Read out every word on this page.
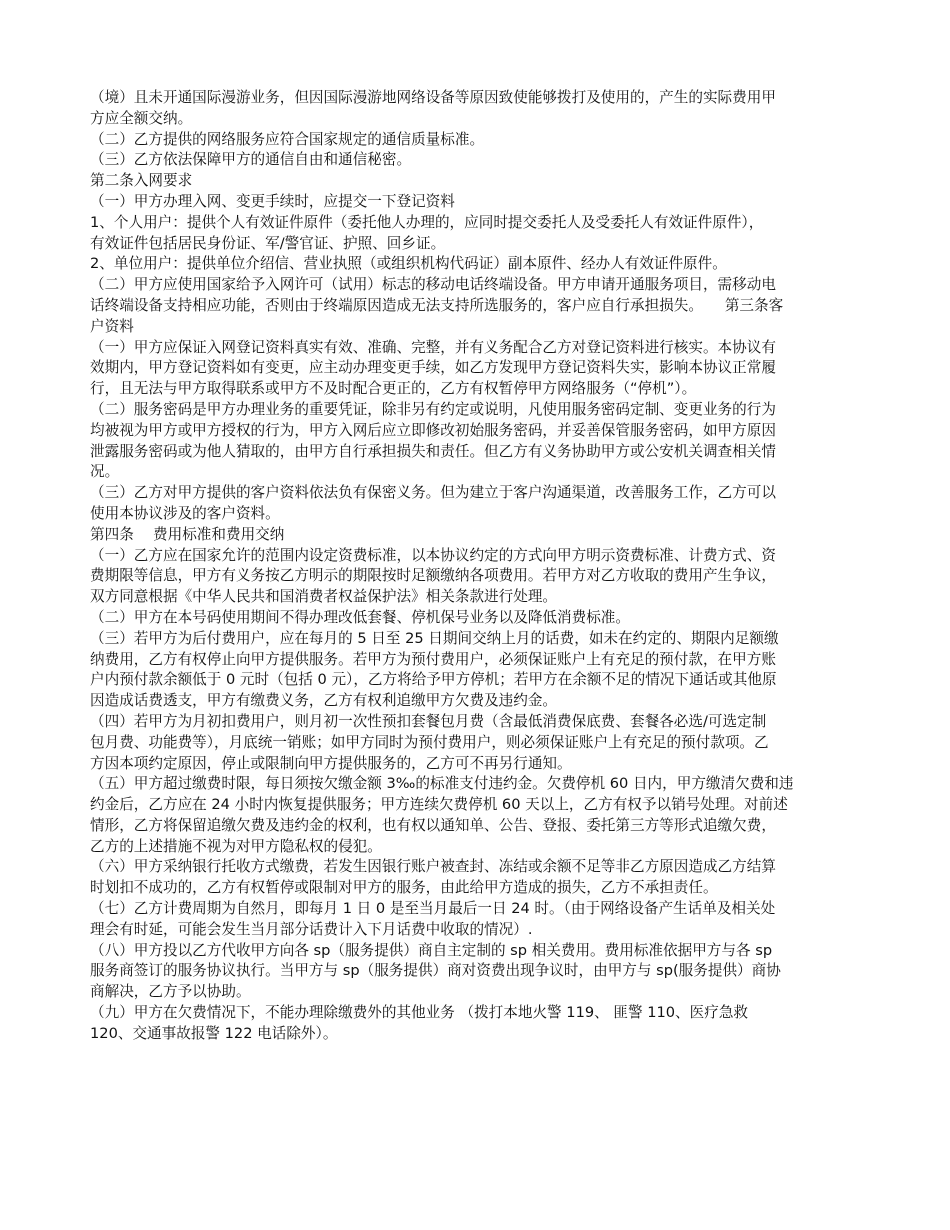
（境）且未开通国际漫游业务，但因国际漫游地网络设备等原因致使能够拨打及使用的，产生的实际费用甲
方应全额交纳。
（二）乙方提供的网络服务应符合国家规定的通信质量标准。
（三）乙方依法保障甲方的通信自由和通信秘密。
第二条入网要求
（一）甲方办理入网、变更手续时，应提交一下登记资料
1、个人用户：提供个人有效证件原件（委托他人办理的，应同时提交委托人及受委托人有效证件原件），
有效证件包括居民身份证、军/警官证、护照、回乡证。
2、单位用户：提供单位介绍信、营业执照（或组织机构代码证）副本原件、经办人有效证件原件。
（二）甲方应使用国家给予入网许可（试用）标志的移动电话终端设备。甲方申请开通服务项目，需移动电
话终端设备支持相应功能，否则由于终端原因造成无法支持所选服务的，客户应自行承担损失。　　第三条客
户资料
（一）甲方应保证入网登记资料真实有效、准确、完整，并有义务配合乙方对登记资料进行核实。本协议有
效期内，甲方登记资料如有变更，应主动办理变更手续，如乙方发现甲方登记资料失实，影响本协议正常履
行，且无法与甲方取得联系或甲方不及时配合更正的，乙方有权暂停甲方网络服务（“停机”）。
（二）服务密码是甲方办理业务的重要凭证，除非另有约定或说明，凡使用服务密码定制、变更业务的行为
均被视为甲方或甲方授权的行为，甲方入网后应立即修改初始服务密码，并妥善保管服务密码，如甲方原因
泄露服务密码或为他人猜取的，由甲方自行承担损失和责任。但乙方有义务协助甲方或公安机关调查相关情
况。
（三）乙方对甲方提供的客户资料依法负有保密义务。但为建立于客户沟通渠道，改善服务工作，乙方可以
使用本协议涉及的客户资料。
第四条　 费用标准和费用交纳
（一）乙方应在国家允许的范围内设定资费标准，以本协议约定的方式向甲方明示资费标准、计费方式、资
费期限等信息，甲方有义务按乙方明示的期限按时足额缴纳各项费用。若甲方对乙方收取的费用产生争议，
双方同意根据《中华人民共和国消费者权益保护法》相关条款进行处理。
（二）甲方在本号码使用期间不得办理改低套餐、停机保号业务以及降低消费标准。
（三）若甲方为后付费用户，应在每月的 5 日至 25 日期间交纳上月的话费，如未在约定的、期限内足额缴
纳费用，乙方有权停止向甲方提供服务。若甲方为预付费用户，必须保证账户上有充足的预付款，在甲方账
户内预付款余额低于 0 元时（包括 0 元），乙方将给予甲方停机；若甲方在余额不足的情况下通话或其他原
因造成话费透支，甲方有缴费义务，乙方有权利追缴甲方欠费及违约金。
（四）若甲方为月初扣费用户，则月初一次性预扣套餐包月费（含最低消费保底费、套餐各必选/可选定制
包月费、功能费等），月底统一销账；如甲方同时为预付费用户，则必须保证账户上有充足的预付款项。乙
方因本项约定原因，停止或限制向甲方提供服务的，乙方可不再另行通知。
（五）甲方超过缴费时限，每日须按欠缴金额 3‰的标准支付违约金。欠费停机 60 日内，甲方缴清欠费和违
约金后，乙方应在 24 小时内恢复提供服务；甲方连续欠费停机 60 天以上，乙方有权予以销号处理。对前述
情形，乙方将保留追缴欠费及违约金的权利，也有权以通知单、公告、登报、委托第三方等形式追缴欠费，
乙方的上述措施不视为对甲方隐私权的侵犯。
（六）甲方采纳银行托收方式缴费，若发生因银行账户被查封、冻结或余额不足等非乙方原因造成乙方结算
时划扣不成功的，乙方有权暂停或限制对甲方的服务，由此给甲方造成的损失，乙方不承担责任。
（七）乙方计费周期为自然月，即每月 1 日 0 是至当月最后一日 24 时。（由于网络设备产生话单及相关处
理会有时延，可能会发生当月部分话费计入下月话费中收取的情况）.
（八）甲方投以乙方代收甲方向各 sp（服务提供）商自主定制的 sp 相关费用。费用标准依据甲方与各 sp
服务商签订的服务协议执行。当甲方与 sp（服务提供）商对资费出现争议时，由甲方与 sp(服务提供）商协
商解决，乙方予以协助。
（九）甲方在欠费情况下，不能办理除缴费外的其他业务 （拨打本地火警 119、 匪警 110、医疗急救
120、交通事故报警 122 电话除外）。
